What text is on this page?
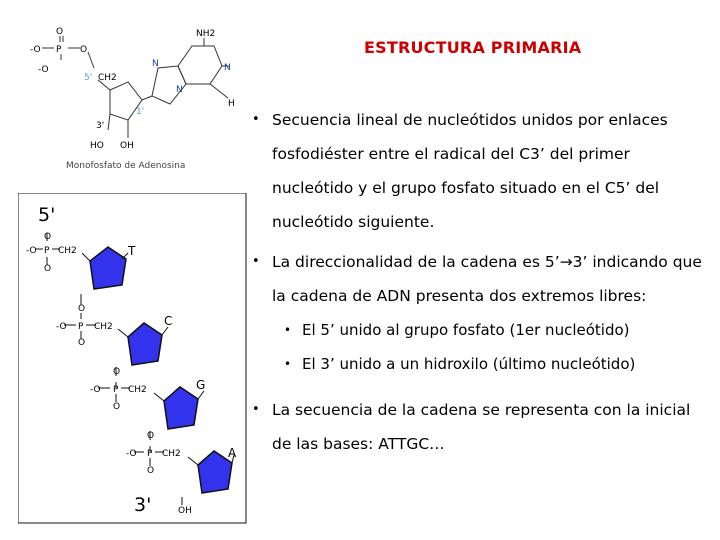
ESTRUCTURA PRIMARIA
O
-O P O
-O
5' CH2
NH2
N	N
N
H
1'
3'
HO OH
Monofosfato de Adenosina
5'
3'
T
C
G
A
O
-O P CH2
O
O
-O P CH2
O
O
-O P CH2
O
O
-O P CH2
O
OH

• Secuencia lineal de nucleótidos unidos por enlaces fosfodiéster entre el radical del C3’ del primer nucleótido y el grupo fosfato situado en el C5’ del nucleótido siguiente.

• La direccionalidad de la cadena es 5’→3’ indicando que la cadena de ADN presenta dos extremos libres:

• El 5’ unido al grupo fosfato (1er nucleótido)

• El 3’ unido a un hidroxilo (último nucleótido)

• La secuencia de la cadena se representa con la inicial de las bases: ATTGC…
